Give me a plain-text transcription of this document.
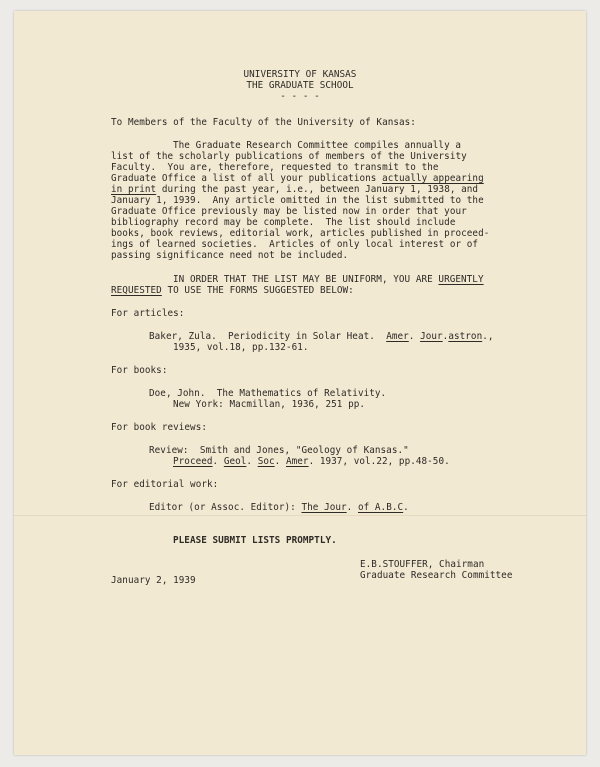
UNIVERSITY OF KANSAS
THE GRADUATE SCHOOL
- - - -
To Members of the Faculty of the University of Kansas:
The Graduate Research Committee compiles annually a
list of the scholarly publications of members of the University
Faculty.  You are, therefore, requested to transmit to the
Graduate Office a list of all your publications actually appearing
in print during the past year, i.e., between January 1, 1938, and
January 1, 1939.  Any article omitted in the list submitted to the
Graduate Office previously may be listed now in order that your
bibliography record may be complete.  The list should include
books, book reviews, editorial work, articles published in proceed-
ings of learned societies.  Articles of only local interest or of
passing significance need not be included.
IN ORDER THAT THE LIST MAY BE UNIFORM, YOU ARE URGENTLY
REQUESTED TO USE THE FORMS SUGGESTED BELOW:
For articles:
Baker, Zula.  Periodicity in Solar Heat.  Amer. Jour.astron.,
1935, vol.18, pp.132-61.
For books:
Doe, John.  The Mathematics of Relativity.
New York: Macmillan, 1936, 251 pp.
For book reviews:
Review:  Smith and Jones, "Geology of Kansas."
Proceed. Geol. Soc. Amer. 1937, vol.22, pp.48-50.
For editorial work:
Editor (or Assoc. Editor): The Jour. of A.B.C.
PLEASE SUBMIT LISTS PROMPTLY.
E.B.STOUFFER, Chairman
Graduate Research Committee
January 2, 1939
